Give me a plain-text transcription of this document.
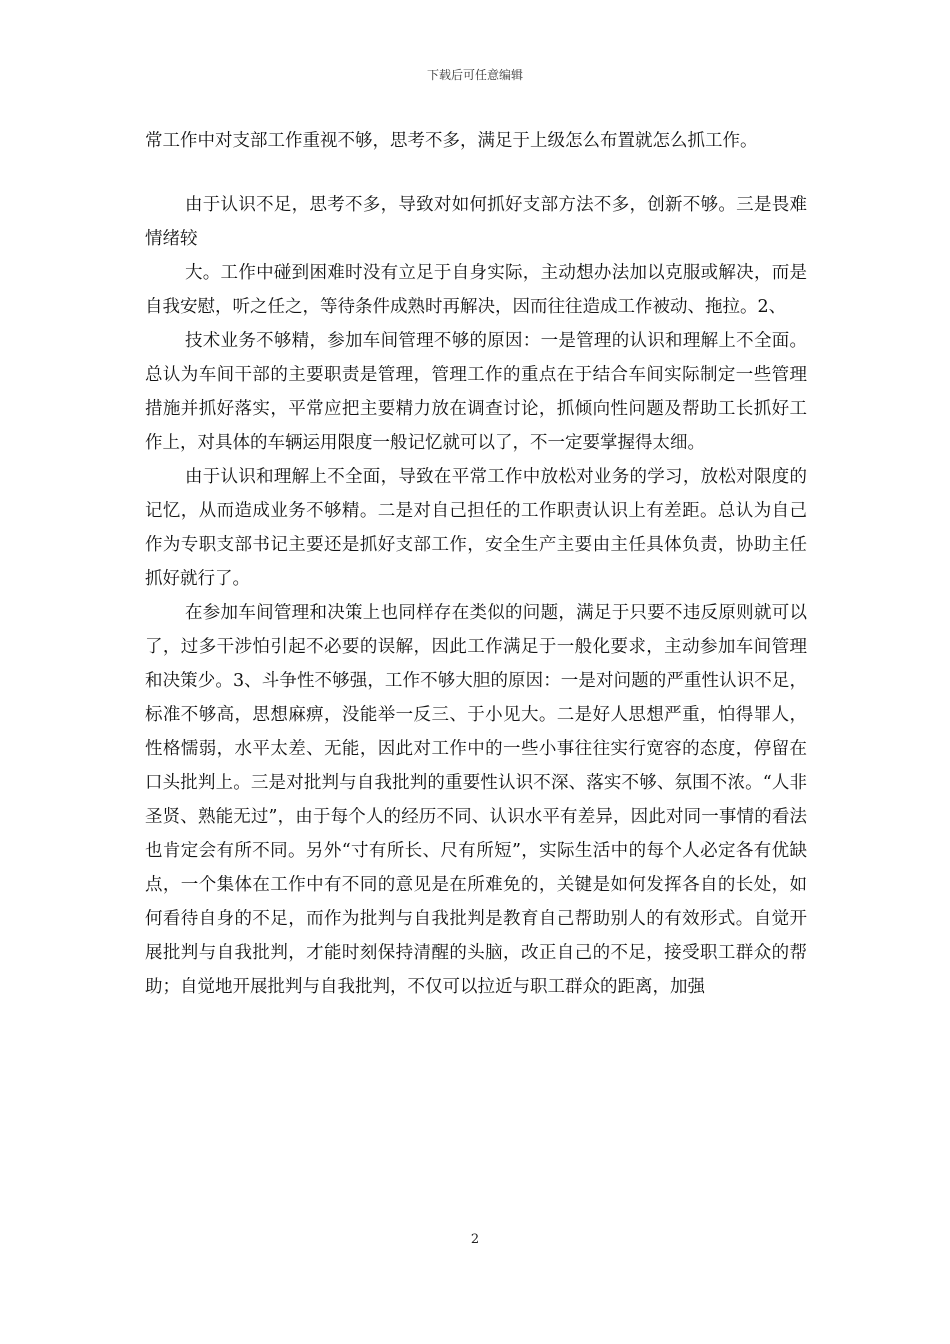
下载后可任意编辑

常工作中对支部工作重视不够，思考不多，满足于上级怎么布置就怎么抓工作。

由于认识不足，思考不多，导致对如何抓好支部方法不多，创新不够。三是畏难情绪较

大。工作中碰到困难时没有立足于自身实际，主动想办法加以克服或解决，而是自我安慰，听之任之，等待条件成熟时再解决，因而往往造成工作被动、拖拉。2、

技术业务不够精，参加车间管理不够的原因：一是管理的认识和理解上不全面。总认为车间干部的主要职责是管理，管理工作的重点在于结合车间实际制定一些管理措施并抓好落实，平常应把主要精力放在调查讨论，抓倾向性问题及帮助工长抓好工作上，对具体的车辆运用限度一般记忆就可以了，不一定要掌握得太细。

由于认识和理解上不全面，导致在平常工作中放松对业务的学习，放松对限度的记忆，从而造成业务不够精。二是对自己担任的工作职责认识上有差距。总认为自己作为专职支部书记主要还是抓好支部工作，安全生产主要由主任具体负责，协助主任抓好就行了。

在参加车间管理和决策上也同样存在类似的问题，满足于只要不违反原则就可以了，过多干涉怕引起不必要的误解，因此工作满足于一般化要求，主动参加车间管理和决策少。3、斗争性不够强，工作不够大胆的原因：一是对问题的严重性认识不足，标准不够高，思想麻痹，没能举一反三、于小见大。二是好人思想严重，怕得罪人，性格懦弱，水平太差、无能，因此对工作中的一些小事往往实行宽容的态度，停留在口头批判上。三是对批判与自我批判的重要性认识不深、落实不够、氛围不浓。“人非圣贤、熟能无过”，由于每个人的经历不同、认识水平有差异，因此对同一事情的看法也肯定会有所不同。另外“寸有所长、尺有所短”，实际生活中的每个人必定各有优缺点，一个集体在工作中有不同的意见是在所难免的，关键是如何发挥各自的长处，如何看待自身的不足，而作为批判与自我批判是教育自己帮助别人的有效形式。自觉开展批判与自我批判，才能时刻保持清醒的头脑，改正自己的不足，接受职工群众的帮助；自觉地开展批判与自我批判，不仅可以拉近与职工群众的距离，加强

2
